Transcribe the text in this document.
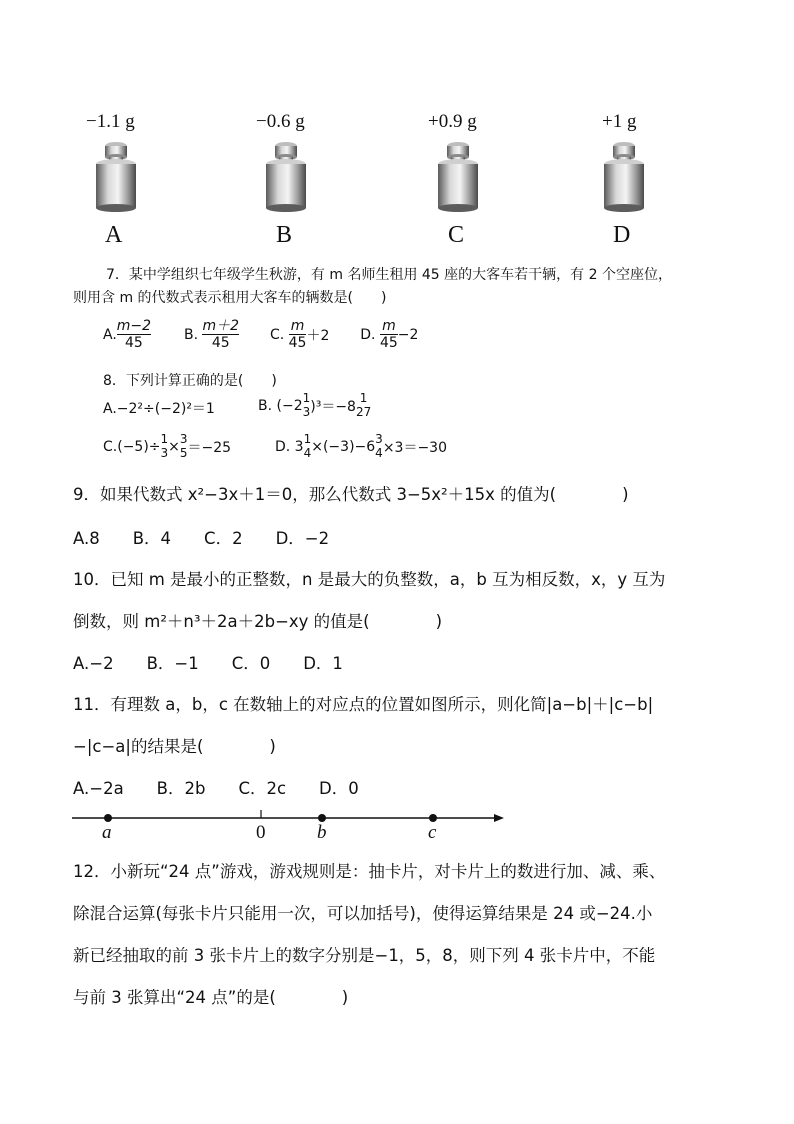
−1.1 g	−0.6 g	+0.9 g	+1 g
A	B	C	D
7．某中学组织七年级学生秋游，有 m 名师生租用 45 座的大客车若干辆，有 2 个空座位，
则用含 m 的代数式表示租用大客车的辆数是(　　)
A. $\frac{m-2}{45} B$. $\frac{m+2}{45} C$. $\frac{m}{45} +2$ D. $\frac{m}{45} -2$
8．下列计算正确的是(　　)
A.−2²÷(−2)²＝1	B. (−2 1
3 )³＝−8
1
27
C.(−5)÷ 1
3 × 3
5 ＝−25	D. 3 1
4 ×(−3)−6 3
4 ×3＝−30
9．如果代数式 x²−3x＋1＝0，那么代数式 3−5x²＋15x 的值为(　　　　)
A.8　　B．4　　C．2　　D．−2
10．已知 m 是最小的正整数，n 是最大的负整数，a，b 互为相反数，x，y 互为
倒数，则 m²＋n³＋2a＋2b−xy 的值是(　　　　)
A.−2　　B．−1　　C．0　　D．1
11．有理数 a，b，c 在数轴上的对应点的位置如图所示，则化简|a−b|＋|c−b|
−|c−a|的结果是(　　　　)
A.−2a　　B．2b　　C．2c　　D．0
a	0	b	c
12．小新玩“24 点”游戏，游戏规则是：抽卡片，对卡片上的数进行加、减、乘、
除混合运算(每张卡片只能用一次，可以加括号)，使得运算结果是 24 或−24.小
新已经抽取的前 3 张卡片上的数字分别是−1，5，8，则下列 4 张卡片中，不能
与前 3 张算出“24 点”的是(　　　　)
